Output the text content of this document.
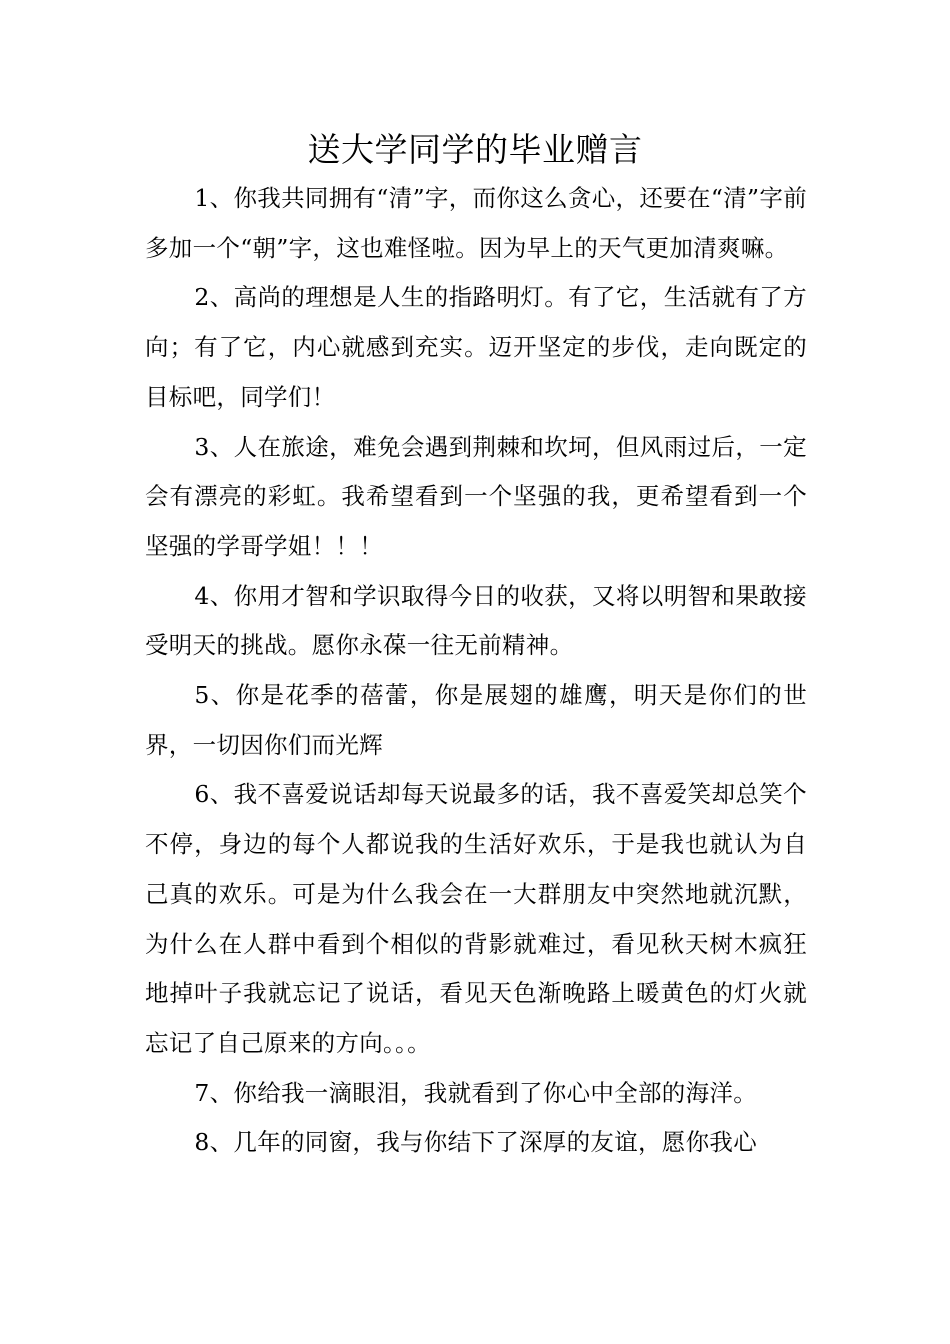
送大学同学的毕业赠言

1、你我共同拥有“清”字，而你这么贪心，还要在“清”字前多加一个“朝”字，这也难怪啦。因为早上的天气更加清爽嘛。

2、高尚的理想是人生的指路明灯。有了它，生活就有了方向；有了它，内心就感到充实。迈开坚定的步伐，走向既定的目标吧，同学们！

3、人在旅途，难免会遇到荆棘和坎坷，但风雨过后，一定会有漂亮的彩虹。我希望看到一个坚强的我，更希望看到一个坚强的学哥学姐！！！

4、你用才智和学识取得今日的收获，又将以明智和果敢接受明天的挑战。愿你永葆一往无前精神。

5、你是花季的蓓蕾，你是展翅的雄鹰，明天是你们的世界，一切因你们而光辉

6、我不喜爱说话却每天说最多的话，我不喜爱笑却总笑个不停，身边的每个人都说我的生活好欢乐，于是我也就认为自己真的欢乐。可是为什么我会在一大群朋友中突然地就沉默，为什么在人群中看到个相似的背影就难过，看见秋天树木疯狂地掉叶子我就忘记了说话，看见天色渐晚路上暖黄色的灯火就忘记了自己原来的方向。。。

7、你给我一滴眼泪，我就看到了你心中全部的海洋。

8、几年的同窗，我与你结下了深厚的友谊，愿你我心
